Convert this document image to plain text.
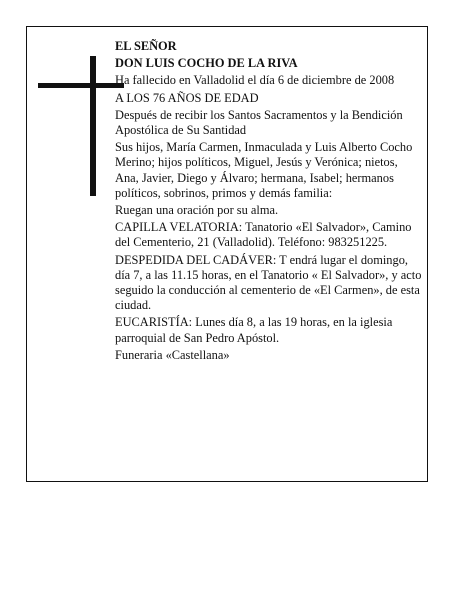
EL SEÑOR

DON LUIS COCHO DE LA RIVA

Ha fallecido en Valladolid el día 6 de diciembre de 2008

A LOS 76 AÑOS DE EDAD

Después de recibir los Santos Sacramentos y la Bendición Apostólica de Su Santidad

Sus hijos, María Carmen, Inmaculada y Luis Alberto Cocho Merino; hijos políticos, Miguel, Jesús y Verónica; nietos, Ana, Javier, Diego y Álvaro; hermana, Isabel; hermanos políticos, sobrinos, primos y demás familia:

Ruegan una oración por su alma.

CAPILLA VELATORIA: Tanatorio «El Salvador», Camino del Cementerio, 21 (Valladolid). Teléfono: 983251225.

DESPEDIDA DEL CADÁVER: T endrá lugar el domingo, día 7, a las 11.15 horas, en el Tanatorio « El Salvador», y acto seguido la conducción al cementerio de «El Carmen», de esta ciudad.

EUCARISTÍA: Lunes día 8, a las 19 horas, en la iglesia parroquial de San Pedro Apóstol.

Funeraria «Castellana»
